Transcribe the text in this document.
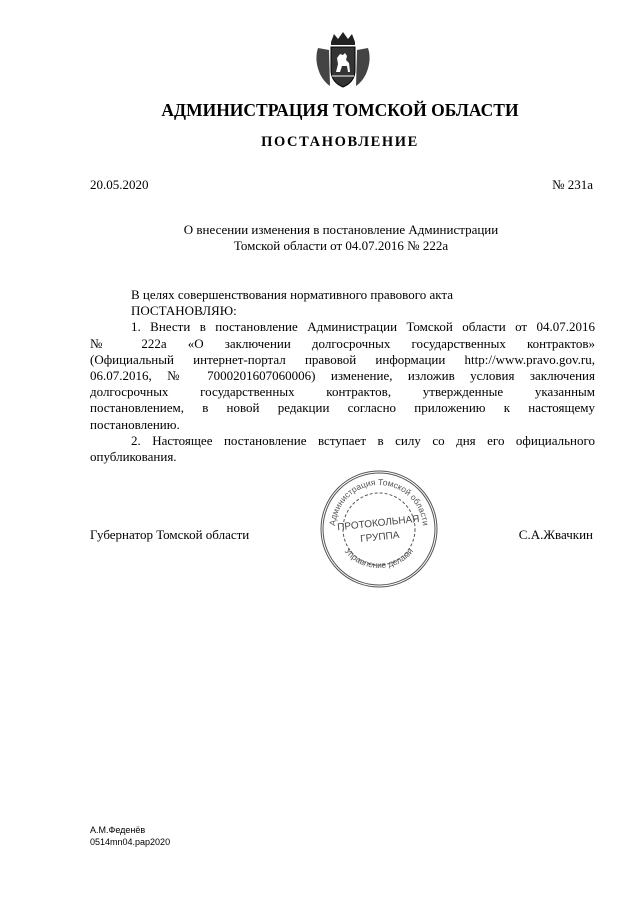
АДМИНИСТРАЦИЯ ТОМСКОЙ ОБЛАСТИ
ПОСТАНОВЛЕНИЕ
20.05.2020	№ 231а
О внесении изменения в постановление Администрации
Томской области от 04.07.2016 № 222а
В целях совершенствования нормативного правового акта
ПОСТАНОВЛЯЮ:
1. Внести в постановление Администрации Томской области от 04.07.2016
№ 222а «О заключении долгосрочных государственных контрактов»
(Официальный интернет-портал правовой информации http://www.pravo.gov.ru,
06.07.2016, № 7000201607060006) изменение, изложив условия заключения
долгосрочных государственных контрактов, утвержденные указанным
постановлением, в новой редакции согласно приложению к настоящему
постановлению.
2. Настоящее постановление вступает в силу со дня его официального
опубликования.
Губернатор Томской области	С.А.Жвачкин
Администрация Томской области
Управление делами
ПРОТОКОЛЬНАЯ
ГРУППА
А.М.Феденёв
0514mn04.рар2020
